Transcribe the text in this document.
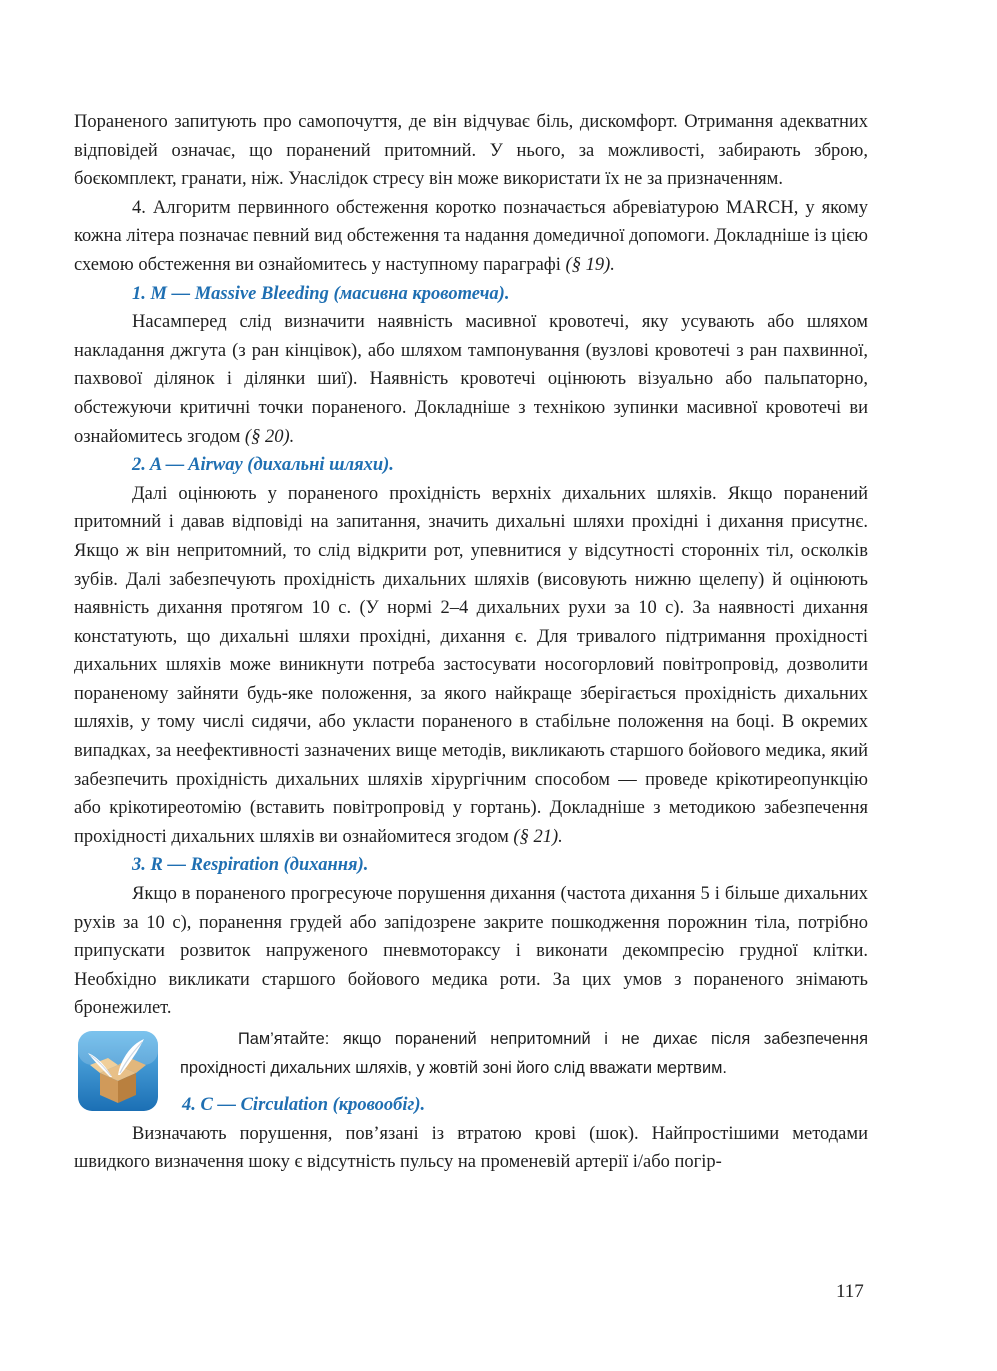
Пораненого запитують про самопочуття, де він відчуває біль, дискомфорт. Отримання адекватних відповідей означає, що поранений притомний. У нього, за можливості, забирають зброю, боєкомплект, гранати, ніж. Унаслідок стресу він може використати їх не за призначенням.

4. Алгоритм первинного обстеження коротко позначається абревіатурою MARCH, у якому кожна літера позначає певний вид обстеження та надання домедичної допомоги. Докладніше із цією схемою обстеження ви ознайомитесь у наступному параграфі (§ 19).

1. M — Massive Bleeding (масивна кровотеча).

Насамперед слід визначити наявність масивної кровотечі, яку усувають або шляхом накладання джгута (з ран кінцівок), або шляхом тампонування (вузлові кровотечі з ран пахвинної, пахвової ділянок і ділянки шиї). Наявність кровотечі оцінюють візуально або пальпаторно, обстежуючи критичні точки пораненого. Докладніше з технікою зупинки масивної кровотечі ви ознайомитесь згодом (§ 20).

2. A — Airway (дихальні шляхи).

Далі оцінюють у пораненого прохідність верхніх дихальних шляхів. Якщо поранений притомний і давав відповіді на запитання, значить дихальні шляхи прохідні і дихання присутнє. Якщо ж він непритомний, то слід відкрити рот, упевнитися у відсутності сторонніх тіл, осколків зубів. Далі забезпечують прохідність дихальних шляхів (висовують нижню щелепу) й оцінюють наявність дихання протягом 10 с. (У нормі 2–4 дихальних рухи за 10 с). За наявності дихання констатують, що дихальні шляхи прохідні, дихання є. Для тривалого підтримання прохідності дихальних шляхів може виникнути потреба застосувати носогорловий повітропровід, дозволити пораненому зайняти будь-яке положення, за якого найкраще зберігається прохідність дихальних шляхів, у тому числі сидячи, або укласти пораненого в стабільне положення на боці. В окремих випадках, за неефективності зазначених вище методів, викликають старшого бойового медика, який забезпечить прохідність дихальних шляхів хірургічним способом — проведе крікотиреопункцію або крікотиреотомію (вставить повітропровід у гортань). Докладніше з методикою забезпечення прохідності дихальних шляхів ви ознайомитеся згодом (§ 21).

3. R — Respiration (дихання).

Якщо в пораненого прогресуюче порушення дихання (частота дихання 5 і більше дихальних рухів за 10 с), поранення грудей або запідозрене закрите пошкодження порожнин тіла, потрібно припускати розвиток напруженого пневмотораксу і виконати декомпресію грудної клітки. Необхідно викликати старшого бойового медика роти. За цих умов з пораненого знімають бронежилет.

Пам’ятайте: якщо поранений непритомний і не дихає після забезпечення прохідності дихальних шляхів, у жовтій зоні його слід вважати мертвим.

4. C — Circulation (кровообіг).

Визначають порушення, пов’язані із втратою крові (шок). Найпростішими методами швидкого визначення шоку є відсутність пульсу на променевій артерії і/або погір-

117
